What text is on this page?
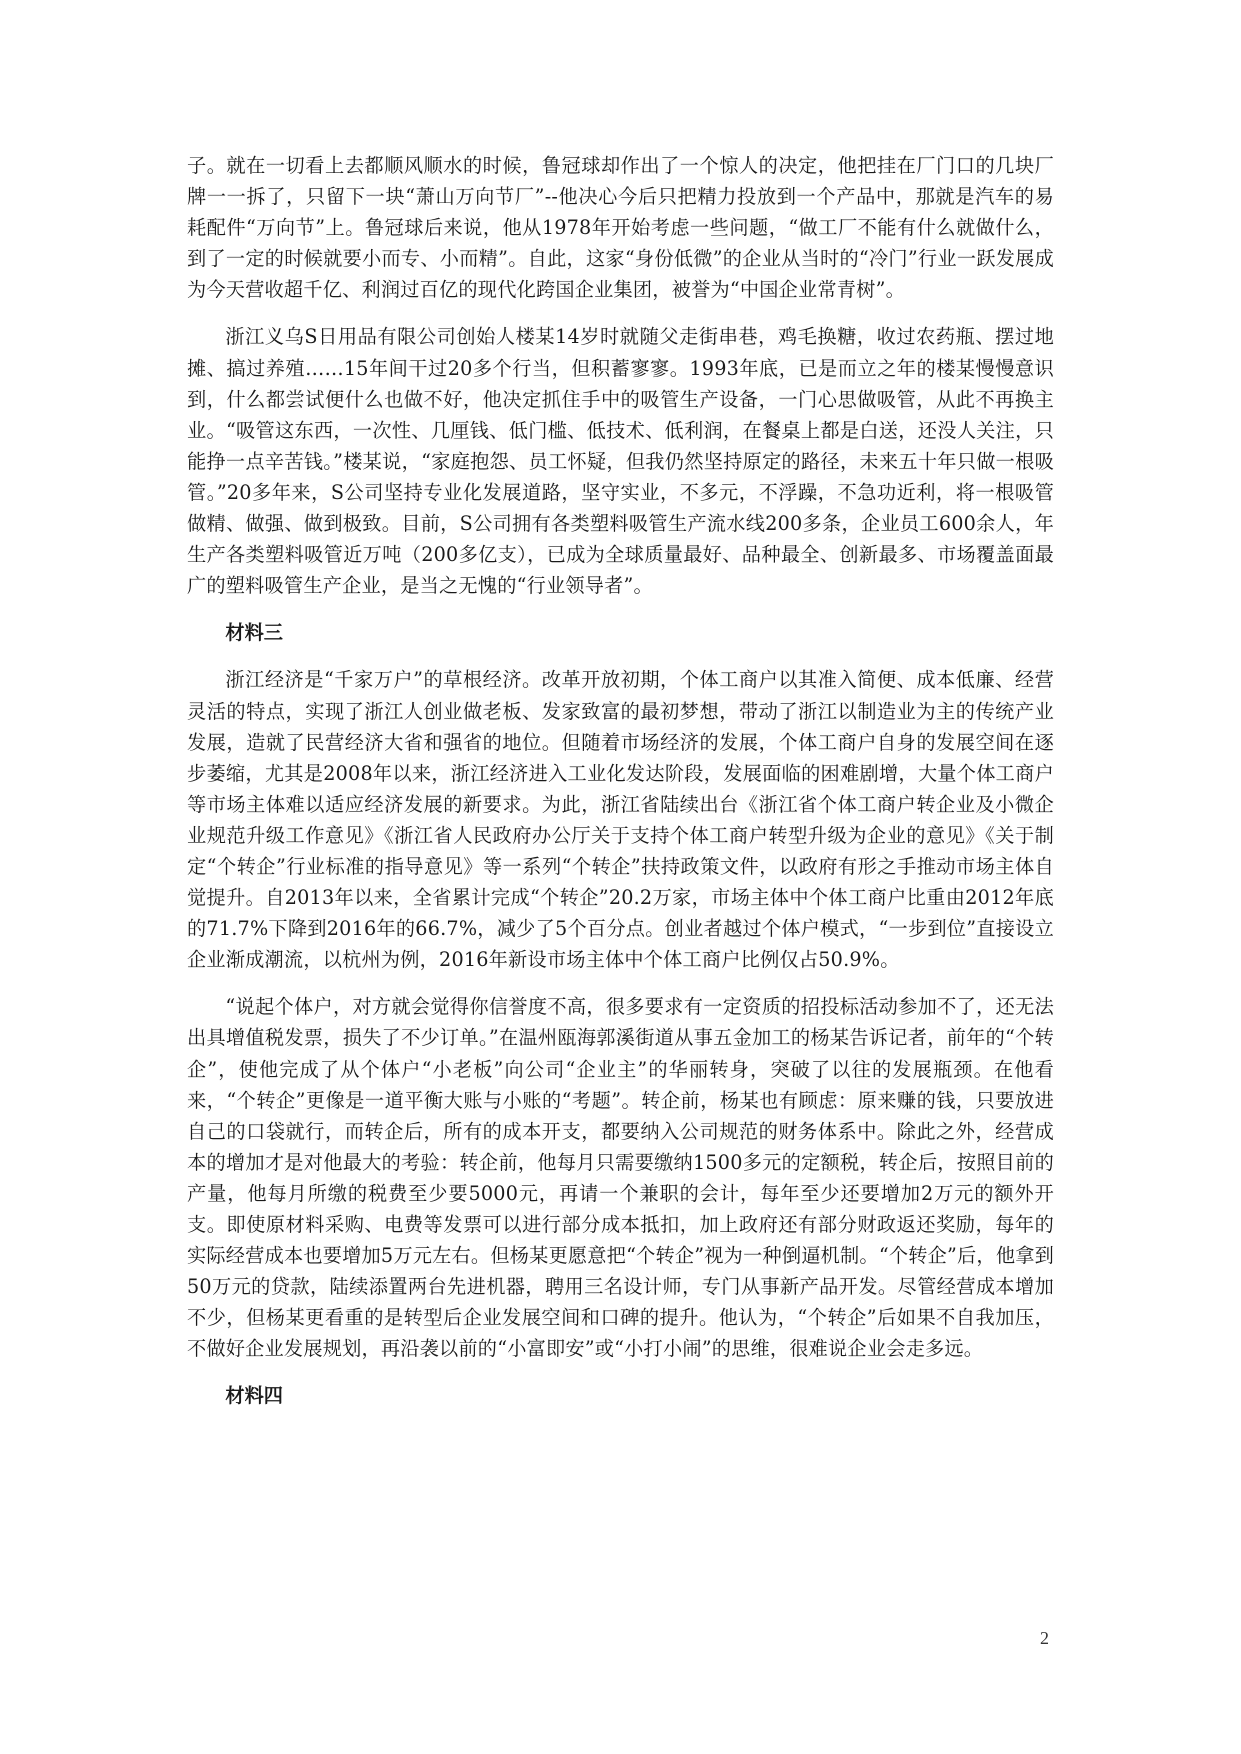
子。就在一切看上去都顺风顺水的时候，鲁冠球却作出了一个惊人的决定，他把挂在厂门口的几块厂牌一一拆了，只留下一块“萧山万向节厂”--他决心今后只把精力投放到一个产品中，那就是汽车的易耗配件“万向节”上。鲁冠球后来说，他从1978年开始考虑一些问题，“做工厂不能有什么就做什么，到了一定的时候就要小而专、小而精”。自此，这家“身份低微”的企业从当时的“冷门”行业一跃发展成为今天营收超千亿、利润过百亿的现代化跨国企业集团，被誉为“中国企业常青树”。

浙江义乌S日用品有限公司创始人楼某14岁时就随父走街串巷，鸡毛换糖，收过农药瓶、摆过地摊、搞过养殖……15年间干过20多个行当，但积蓄寥寥。1993年底，已是而立之年的楼某慢慢意识到，什么都尝试便什么也做不好，他决定抓住手中的吸管生产设备，一门心思做吸管，从此不再换主业。“吸管这东西，一次性、几厘钱、低门槛、低技术、低利润，在餐桌上都是白送，还没人关注，只能挣一点辛苦钱。”楼某说，“家庭抱怨、员工怀疑，但我仍然坚持原定的路径，未来五十年只做一根吸管。”20多年来，S公司坚持专业化发展道路，坚守实业，不多元，不浮躁，不急功近利，将一根吸管做精、做强、做到极致。目前，S公司拥有各类塑料吸管生产流水线200多条，企业员工600余人，年生产各类塑料吸管近万吨（200多亿支），已成为全球质量最好、品种最全、创新最多、市场覆盖面最广的塑料吸管生产企业，是当之无愧的“行业领导者”。

材料三

浙江经济是“千家万户”的草根经济。改革开放初期，个体工商户以其准入简便、成本低廉、经营灵活的特点，实现了浙江人创业做老板、发家致富的最初梦想，带动了浙江以制造业为主的传统产业发展，造就了民营经济大省和强省的地位。但随着市场经济的发展，个体工商户自身的发展空间在逐步萎缩，尤其是2008年以来，浙江经济进入工业化发达阶段，发展面临的困难剧增，大量个体工商户等市场主体难以适应经济发展的新要求。为此，浙江省陆续出台《浙江省个体工商户转企业及小微企业规范升级工作意见》《浙江省人民政府办公厅关于支持个体工商户转型升级为企业的意见》《关于制定“个转企”行业标准的指导意见》等一系列“个转企”扶持政策文件，以政府有形之手推动市场主体自觉提升。自2013年以来，全省累计完成“个转企”20.2万家，市场主体中个体工商户比重由2012年底的71.7%下降到2016年的66.7%，减少了5个百分点。创业者越过个体户模式，“一步到位”直接设立企业渐成潮流，以杭州为例，2016年新设市场主体中个体工商户比例仅占50.9%。

“说起个体户，对方就会觉得你信誉度不高，很多要求有一定资质的招投标活动参加不了，还无法出具增值税发票，损失了不少订单。”在温州瓯海郭溪街道从事五金加工的杨某告诉记者，前年的“个转企”，使他完成了从个体户“小老板”向公司“企业主”的华丽转身，突破了以往的发展瓶颈。在他看来，“个转企”更像是一道平衡大账与小账的“考题”。转企前，杨某也有顾虑：原来赚的钱，只要放进自己的口袋就行，而转企后，所有的成本开支，都要纳入公司规范的财务体系中。除此之外，经营成本的增加才是对他最大的考验：转企前，他每月只需要缴纳1500多元的定额税，转企后，按照目前的产量，他每月所缴的税费至少要5000元，再请一个兼职的会计，每年至少还要增加2万元的额外开支。即使原材料采购、电费等发票可以进行部分成本抵扣，加上政府还有部分财政返还奖励，每年的实际经营成本也要增加5万元左右。但杨某更愿意把“个转企”视为一种倒逼机制。“个转企”后，他拿到50万元的贷款，陆续添置两台先进机器，聘用三名设计师，专门从事新产品开发。尽管经营成本增加不少，但杨某更看重的是转型后企业发展空间和口碑的提升。他认为，“个转企”后如果不自我加压，不做好企业发展规划，再沿袭以前的“小富即安”或“小打小闹”的思维，很难说企业会走多远。

材料四

2
